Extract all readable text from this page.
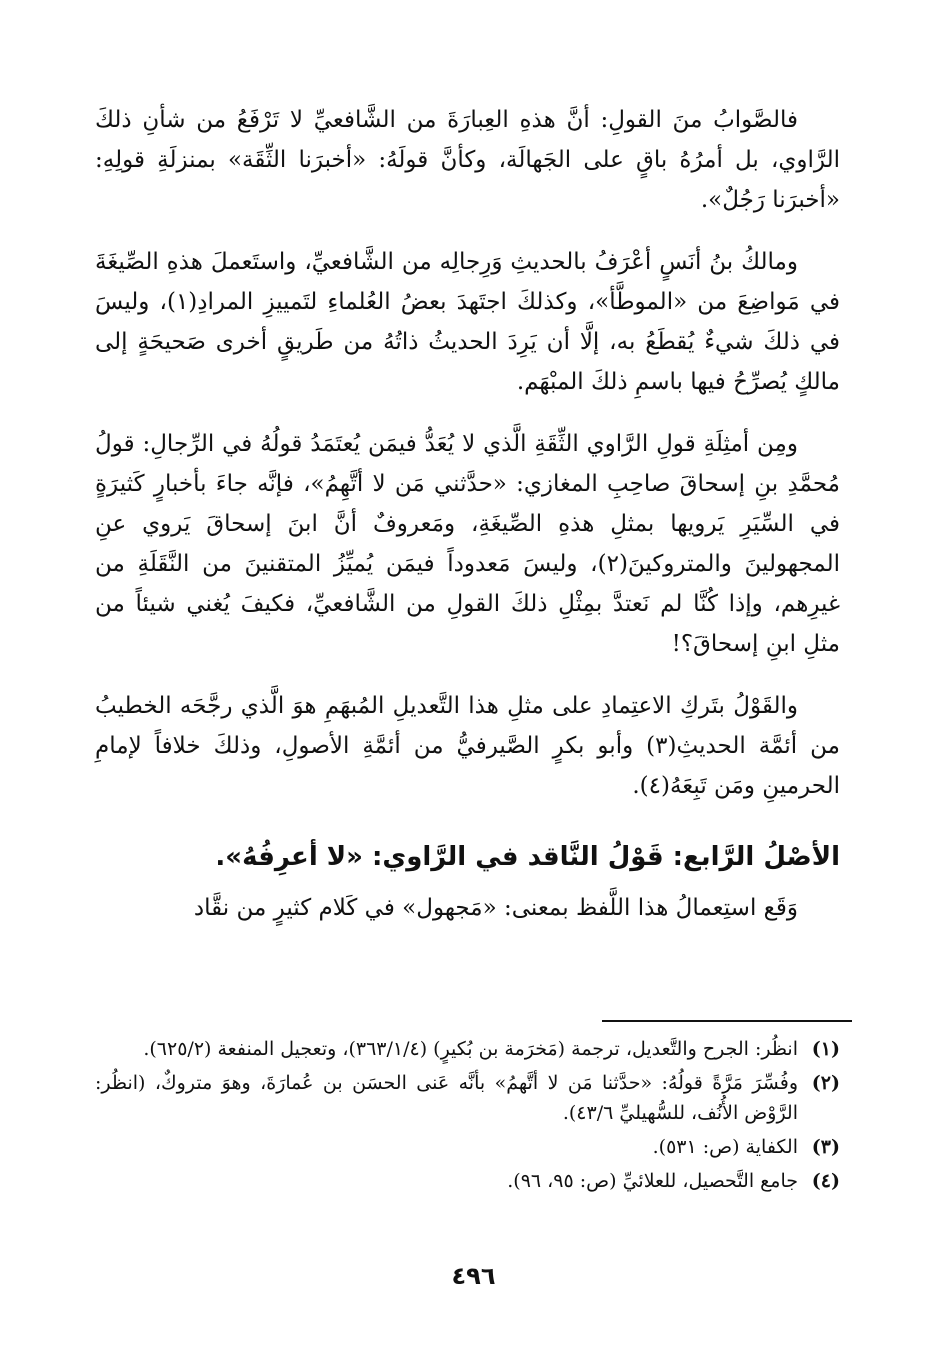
فالصَّوابُ منَ القولِ: أنَّ هذهِ العِبارَةَ من الشَّافعيِّ لا تَرْفَعُ من شأنِ ذلكَ الرَّاوي، بل أمرُهُ باقٍ على الجَهالَة، وكأنَّ قولَهُ: «أخبرَنا الثِّقَة» بمنزلَةِ قولِهِ: «أخبرَنا رَجُلٌ».

ومالكُ بنُ أنَسٍ أعْرَفُ بالحديثِ وَرِجالِه من الشَّافعيِّ، واستَعملَ هذهِ الصِّيغَةَ في مَواضِعَ من «الموطَّأ»، وكذلكَ اجتَهدَ بعضُ العُلماءِ لتَمييزِ المرادِ(١)، وليسَ في ذلكَ شيءٌ يُقطَعُ به، إلَّا أن يَرِدَ الحديثُ ذاتُهُ من طَريقٍ أخرى صَحيحَةٍ إلى مالكٍ يُصرِّحُ فيها باسمِ ذلكَ المبْهَم.

ومِن أمثِلَةِ قولِ الرَّاوي الثِّقَةِ الَّذي لا يُعَدُّ فيمَن يُعتَمَدُ قولُهُ في الرِّجالِ: قولُ مُحمَّدِ بنِ إسحاقَ صاحِبِ المغازي: «حدَّثني مَن لا أتَّهِمُ»، فإنَّه جاءَ بأخبارٍ كَثيرَةٍ في السِّيَرِ يَرويها بمثلِ هذهِ الصِّيغَةِ، ومَعروفٌ أنَّ ابنَ إسحاقَ يَروي عنِ المجهولينَ والمتروكينَ(٢)، وليسَ مَعدوداً فيمَن يُميِّزُ المتقنينَ من النَّقَلَةِ من غيرِهم، وإذا كُنَّا لم نَعتدَّ بمِثْلِ ذلكَ القولِ من الشَّافعيِّ، فكيفَ يُغني شيئاً من مثلِ ابنِ إسحاقَ؟!

والقَوْلُ بتَركِ الاعتِمادِ على مثلِ هذا التَّعديلِ المُبهَمِ هوَ الَّذي رجَّحَه الخطيبُ من أئمَّة الحديثِ(٣) وأبو بكرٍ الصَّيرفيُّ من أئمَّةِ الأصولِ، وذلكَ خلافاً لإمامِ الحرمينِ ومَن تَبِعَهُ(٤).

الأصْلُ الرَّابع: قَوْلُ النَّاقد في الرَّاوي: «لا أعرِفُهُ».

وَقَع استِعمالُ هذا اللَّفظ بمعنى: «مَجهول» في كَلام كثيرٍ من نقَّاد

(١)
انظُر: الجرح والتَّعديل، ترجمة (مَخرَمة بن بُكيرٍ) (٣٦٣/١/٤)، وتعجيل المنفعة (٦٢٥/٢).
(٢)
وفُسِّرَ مَرَّةً قولُهُ: «حدَّثنا مَن لا أتَّهمُ» بأنَّه عَنى الحسَن بن عُمارَةَ، وهوَ متروكٌ، (انظُر: الرَّوْض الأُنُف، للسُّهيليِّ ٤٣/٦).
(٣)
الكفاية (ص: ٥٣١).
(٤)
جامع التَّحصيل، للعلائيِّ (ص: ٩٥، ٩٦).
٤٩٦
